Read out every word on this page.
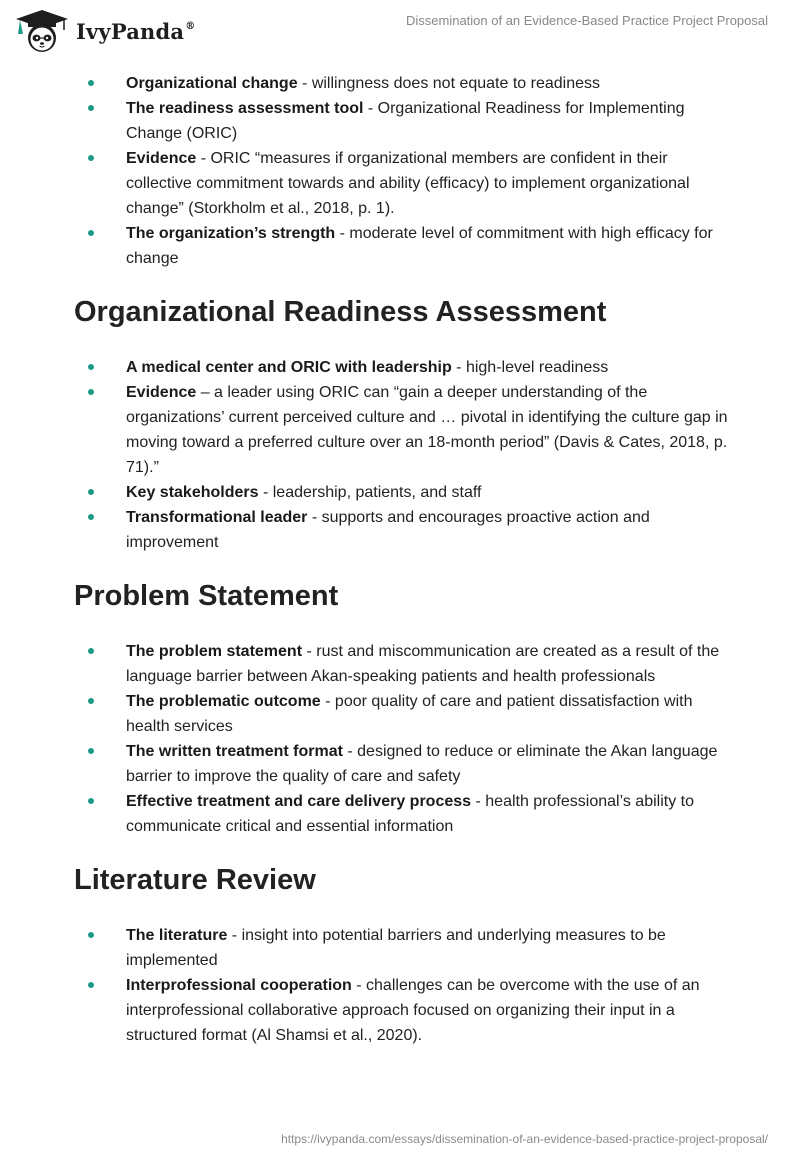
IvyPanda®	Dissemination of an Evidence-Based Practice Project Proposal
Organizational change - willingness does not equate to readiness
The readiness assessment tool - Organizational Readiness for Implementing Change (ORIC)
Evidence - ORIC “measures if organizational members are confident in their collective commitment towards and ability (efficacy) to implement organizational change” (Storkholm et al., 2018, p. 1).
The organization’s strength - moderate level of commitment with high efficacy for change
Organizational Readiness Assessment
A medical center and ORIC with leadership - high-level readiness
Evidence – a leader using ORIC can “gain a deeper understanding of the organizations’ current perceived culture and … pivotal in identifying the culture gap in moving toward a preferred culture over an 18-month period” (Davis & Cates, 2018, p. 71).”
Key stakeholders - leadership, patients, and staff
Transformational leader - supports and encourages proactive action and improvement
Problem Statement
The problem statement - rust and miscommunication are created as a result of the language barrier between Akan-speaking patients and health professionals
The problematic outcome - poor quality of care and patient dissatisfaction with health services
The written treatment format - designed to reduce or eliminate the Akan language barrier to improve the quality of care and safety
Effective treatment and care delivery process - health professional’s ability to communicate critical and essential information
Literature Review
The literature - insight into potential barriers and underlying measures to be implemented
Interprofessional cooperation - challenges can be overcome with the use of an interprofessional collaborative approach focused on organizing their input in a structured format (Al Shamsi et al., 2020).
https://ivypanda.com/essays/dissemination-of-an-evidence-based-practice-project-proposal/
